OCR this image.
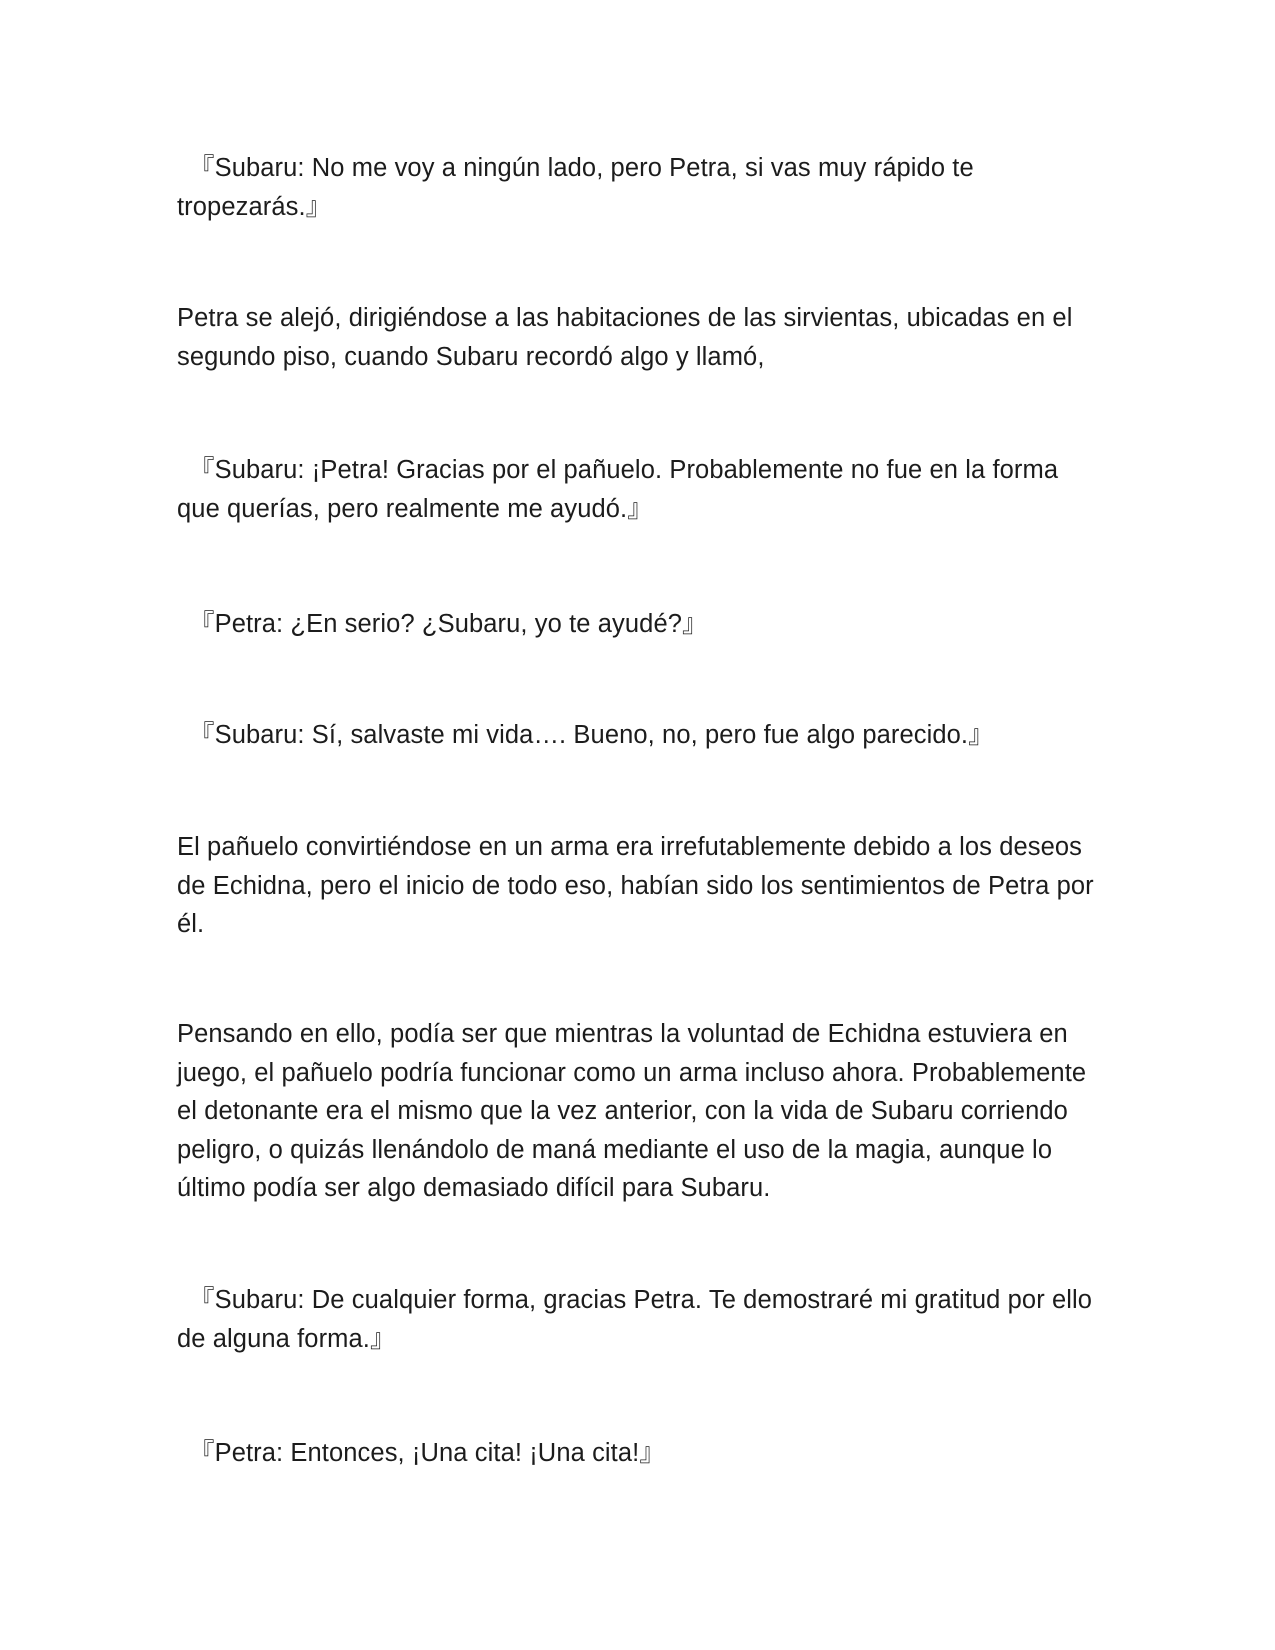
『Subaru: No me voy a ningún lado, pero Petra, si vas muy rápido te tropezarás.』

Petra se alejó, dirigiéndose a las habitaciones de las sirvientas, ubicadas en el segundo piso, cuando Subaru recordó algo y llamó,

『Subaru: ¡Petra! Gracias por el pañuelo. Probablemente no fue en la forma que querías, pero realmente me ayudó.』

『Petra: ¿En serio? ¿Subaru, yo te ayudé?』

『Subaru: Sí, salvaste mi vida…. Bueno, no, pero fue algo parecido.』

El pañuelo convirtiéndose en un arma era irrefutablemente debido a los deseos de Echidna, pero el inicio de todo eso, habían sido los sentimientos de Petra por él.

Pensando en ello, podía ser que mientras la voluntad de Echidna estuviera en juego, el pañuelo podría funcionar como un arma incluso ahora. Probablemente el detonante era el mismo que la vez anterior, con la vida de Subaru corriendo peligro, o quizás llenándolo de maná mediante el uso de la magia, aunque lo último podía ser algo demasiado difícil para Subaru.

『Subaru: De cualquier forma, gracias Petra. Te demostraré mi gratitud por ello de alguna forma.』

『Petra: Entonces, ¡Una cita! ¡Una cita!』
